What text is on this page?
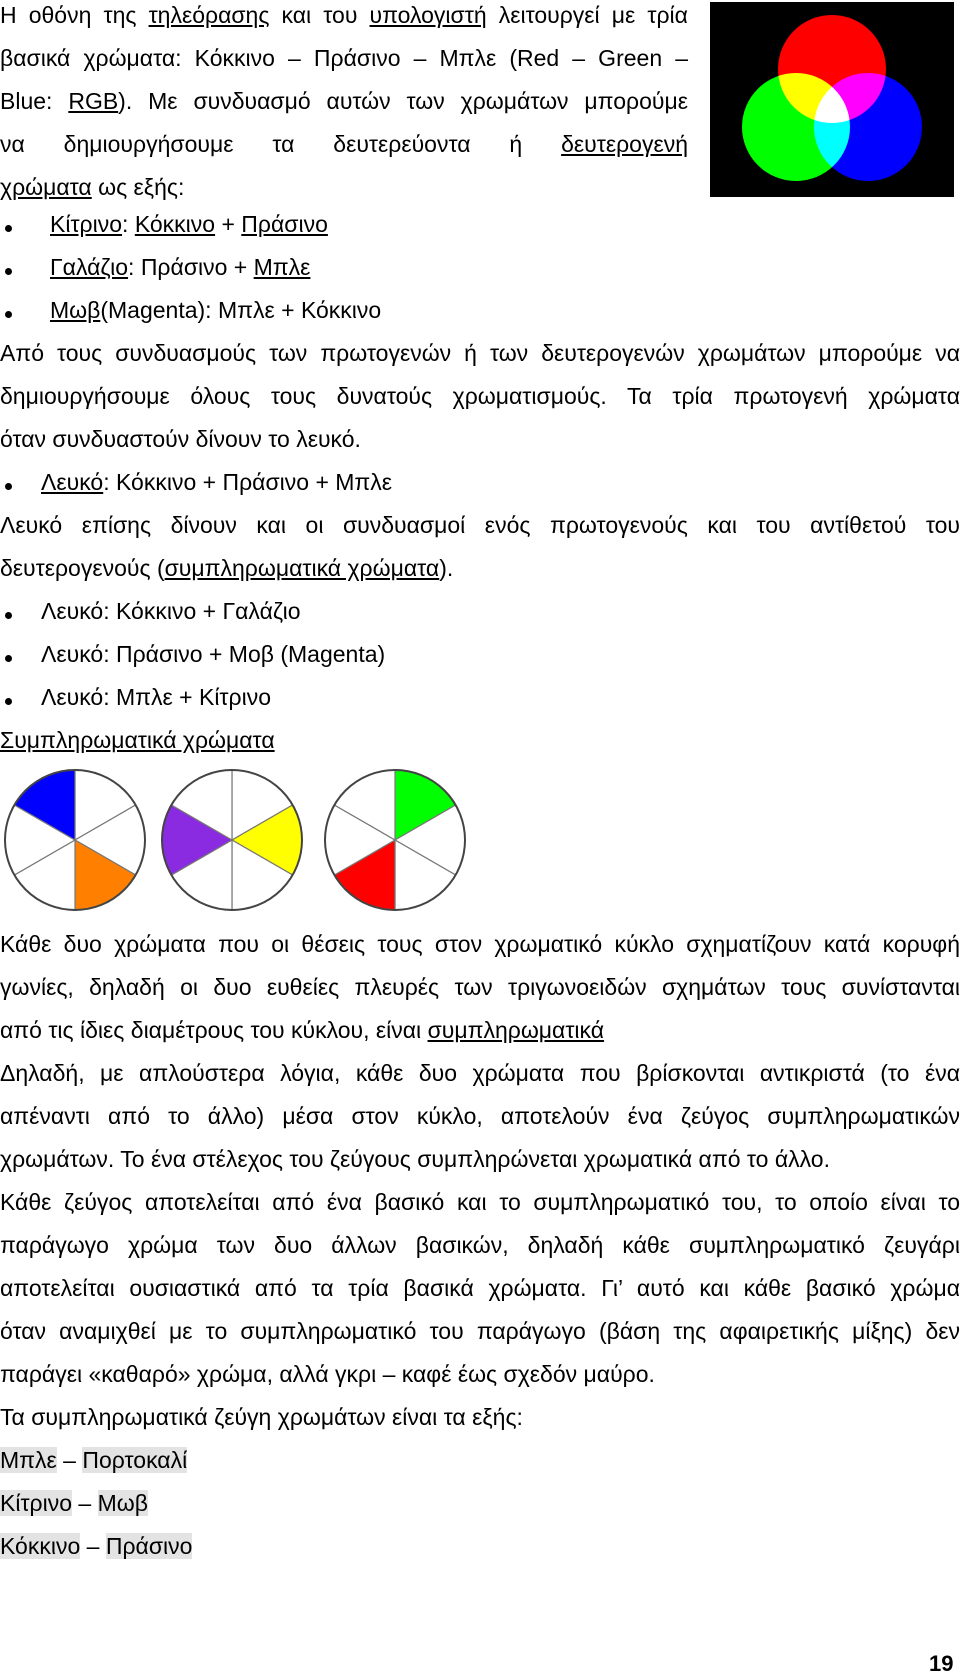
Η οθόνη της τηλεόρασης και του υπολογιστή λειτουργεί με τρία
βασικά χρώματα: Κόκκινο – Πράσινο – Μπλε (Red – Green –
Blue: RGB). Με συνδυασμό αυτών των χρωμάτων μπορούμε
να δημιουργήσουμε τα δευτερεύοντα ή δευτερογενή
χρώματα ως εξής:
Κίτρινο: Κόκκινο + Πράσινο
Γαλάζιο: Πράσινο + Μπλε
Μωβ(Magenta): Μπλε + Κόκκινο
Από τους συνδυασμούς των πρωτογενών ή των δευτερογενών χρωμάτων μπορούμε να
δημιουργήσουμε όλους τους δυνατούς χρωματισμούς. Τα τρία πρωτογενή χρώματα
όταν συνδυαστούν δίνουν το λευκό.
Λευκό: Κόκκινο + Πράσινο + Μπλε
Λευκό επίσης δίνουν και οι συνδυασμοί ενός πρωτογενούς και του αντίθετού του
δευτερογενούς (συμπληρωματικά χρώματα).
Λευκό: Κόκκινο + Γαλάζιο
Λευκό: Πράσινο + Μοβ (Magenta)
Λευκό: Μπλε + Κίτρινο
Συμπληρωματικά χρώματα
Κάθε δυο χρώματα που οι θέσεις τους στον χρωματικό κύκλο σχηματίζουν κατά κορυφή
γωνίες, δηλαδή οι δυο ευθείες πλευρές των τριγωνοειδών σχημάτων τους συνίστανται
από τις ίδιες διαμέτρους του κύκλου, είναι συμπληρωματικά
Δηλαδή, με απλούστερα λόγια, κάθε δυο χρώματα που βρίσκονται αντικριστά (το ένα
απέναντι από το άλλο) μέσα στον κύκλο, αποτελούν ένα ζεύγος συμπληρωματικών
χρωμάτων. Το ένα στέλεχος του ζεύγους συμπληρώνεται χρωματικά από το άλλο.
Κάθε ζεύγος αποτελείται από ένα βασικό και το συμπληρωματικό του, το οποίο είναι το
παράγωγο χρώμα των δυο άλλων βασικών, δηλαδή κάθε συμπληρωματικό ζευγάρι
αποτελείται ουσιαστικά από τα τρία βασικά χρώματα. Γι’ αυτό και κάθε βασικό χρώμα
όταν αναμιχθεί με το συμπληρωματικό του παράγωγο (βάση της αφαιρετικής μίξης) δεν
παράγει «καθαρό» χρώμα, αλλά γκρι – καφέ έως σχεδόν μαύρο.
Τα συμπληρωματικά ζεύγη χρωμάτων είναι τα εξής:
Μπλε – Πορτοκαλί
Κίτρινο – Μωβ
Κόκκινο – Πράσινο
19
